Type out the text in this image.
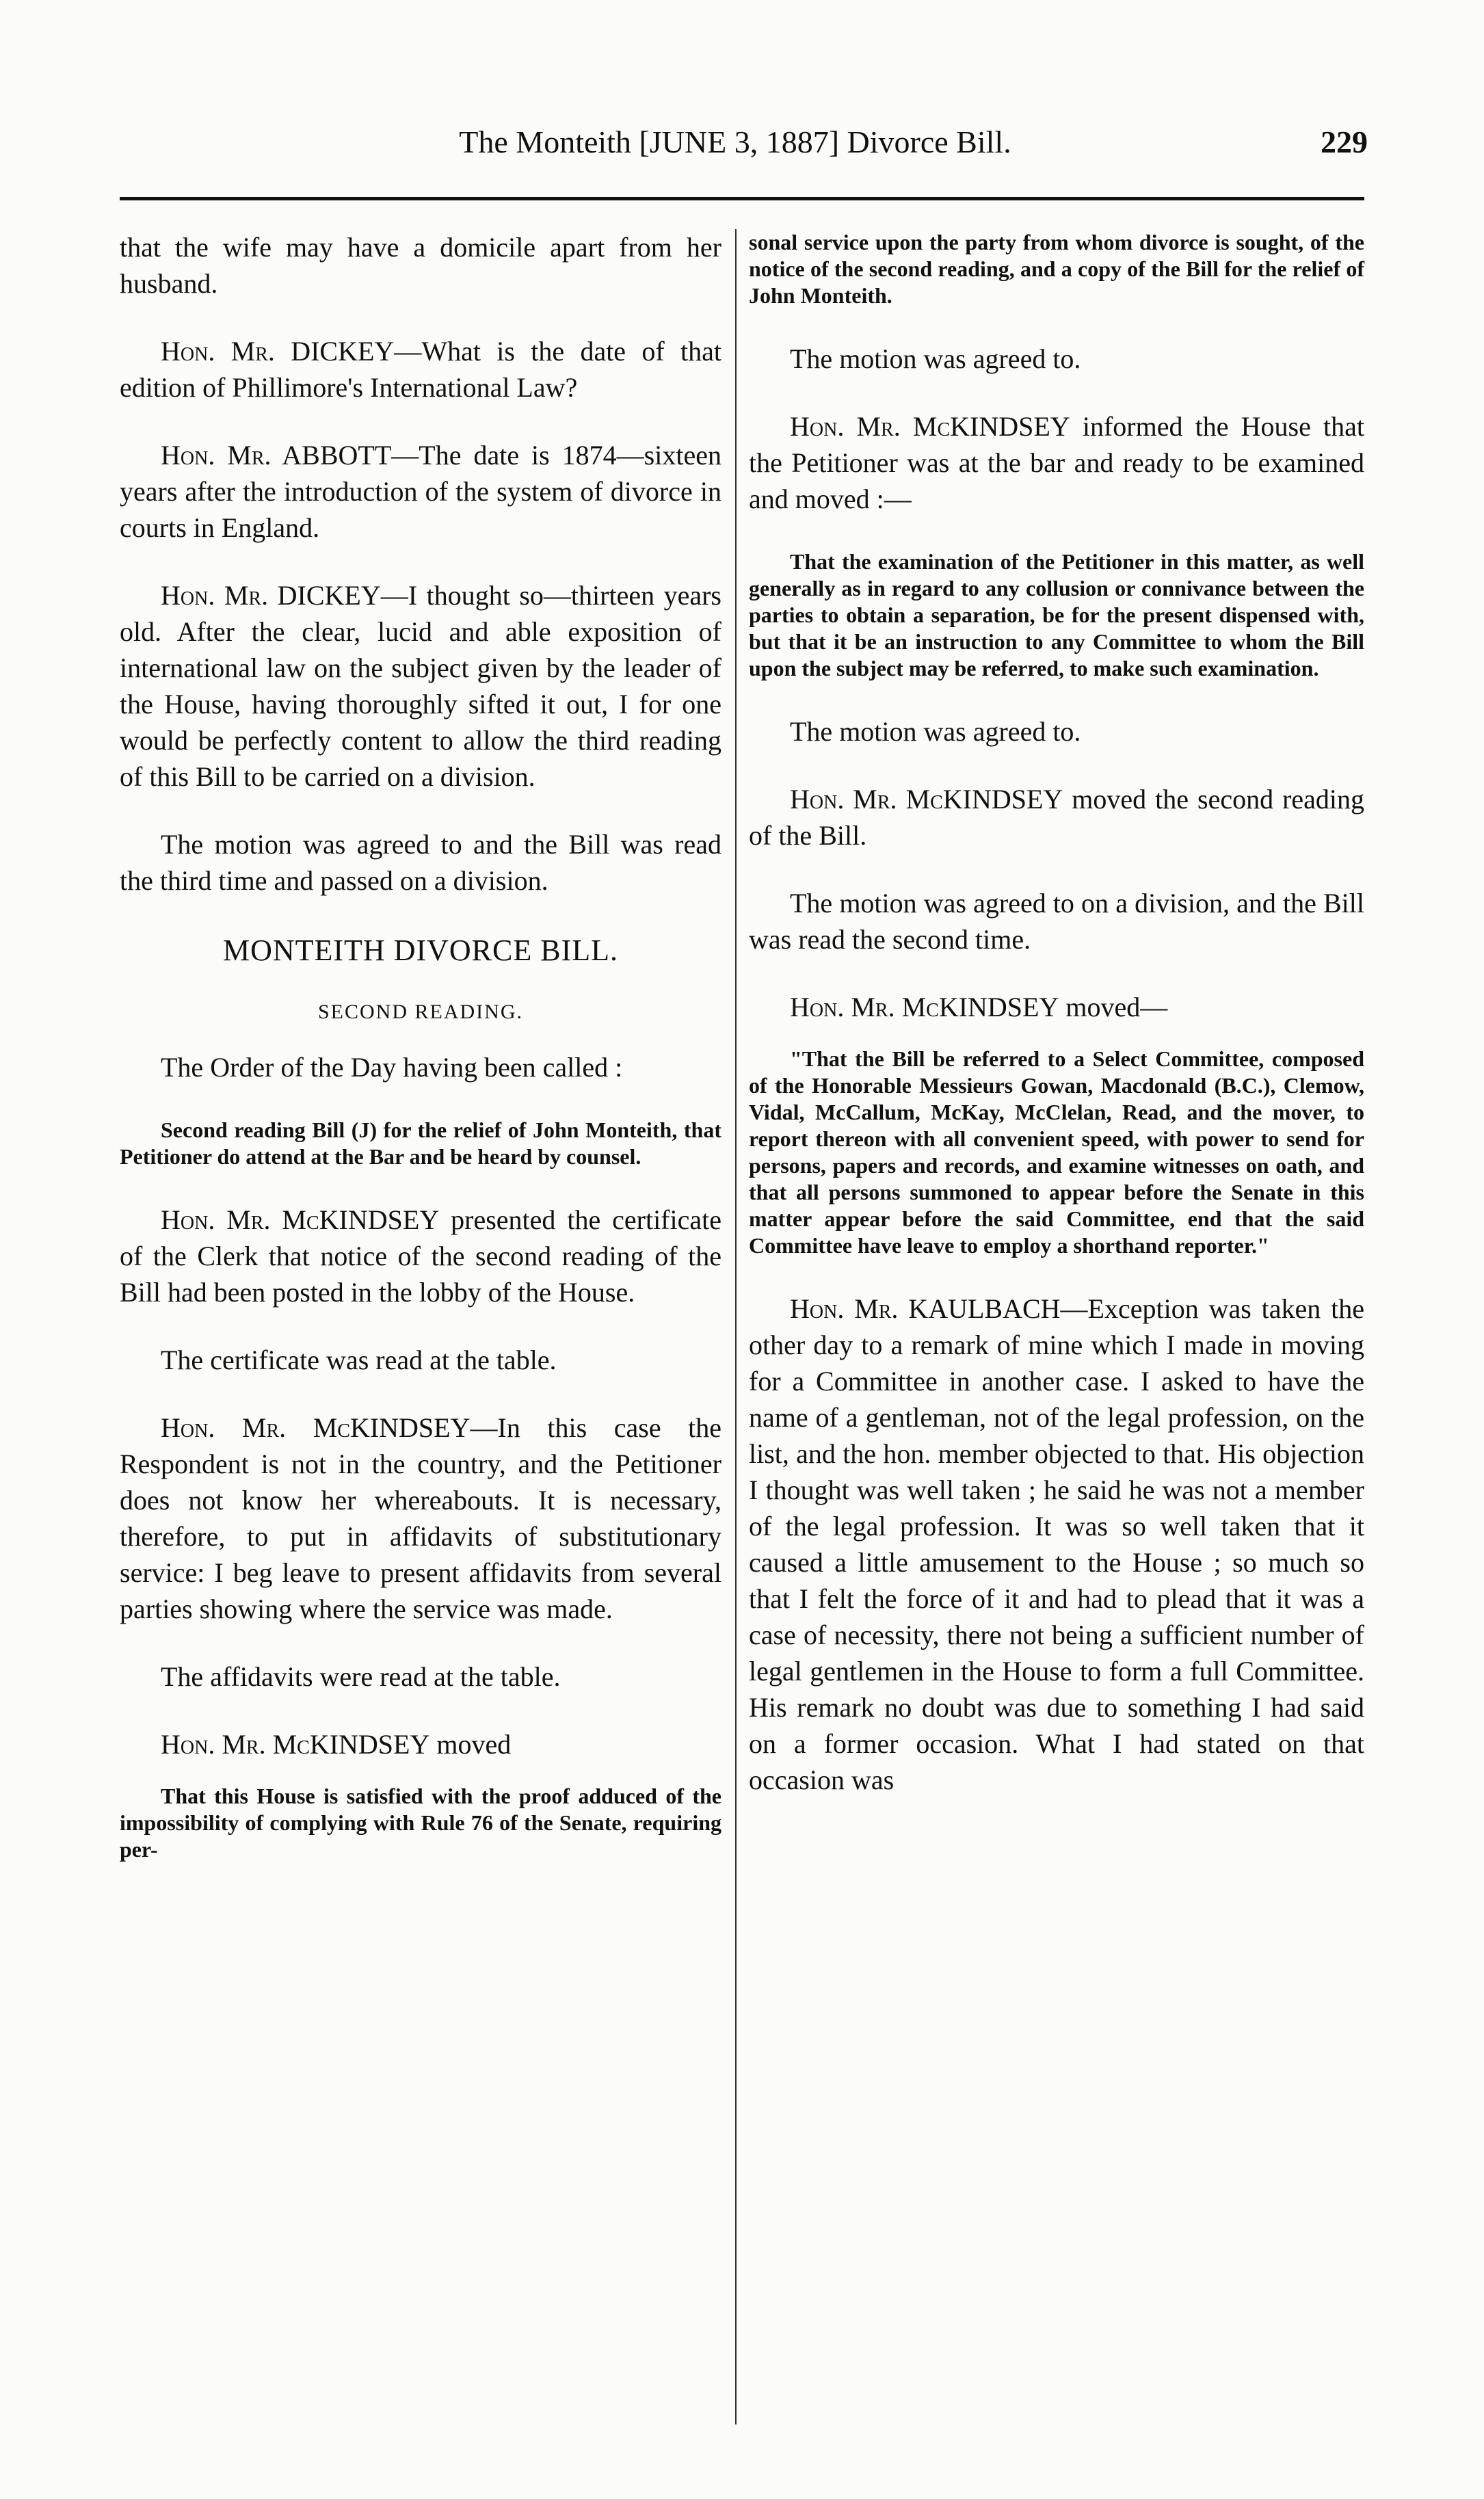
The Monteith [JUNE 3, 1887] Divorce Bill.	229

that the wife may have a domicile apart from her husband.

Hon. Mr. DICKEY—What is the date of that edition of Phillimore's International Law?

Hon. Mr. ABBOTT—The date is 1874—sixteen years after the introduction of the system of divorce in courts in England.

Hon. Mr. DICKEY—I thought so—thirteen years old. After the clear, lucid and able exposition of international law on the subject given by the leader of the House, having thoroughly sifted it out, I for one would be perfectly content to allow the third reading of this Bill to be carried on a division.

The motion was agreed to and the Bill was read the third time and passed on a division.

MONTEITH DIVORCE BILL.
SECOND READING.

The Order of the Day having been called :

Second reading Bill (J) for the relief of John Monteith, that Petitioner do attend at the Bar and be heard by counsel.

Hon. Mr. McKINDSEY presented the certificate of the Clerk that notice of the second reading of the Bill had been posted in the lobby of the House.

The certificate was read at the table.

Hon. Mr. McKINDSEY—In this case the Respondent is not in the country, and the Petitioner does not know her whereabouts. It is necessary, therefore, to put in affidavits of substitutionary service: I beg leave to present affidavits from several parties showing where the service was made.

The affidavits were read at the table.

Hon. Mr. McKINDSEY moved

That this House is satisfied with the proof adduced of the impossibility of complying with Rule 76 of the Senate, requiring per-

sonal service upon the party from whom divorce is sought, of the notice of the second reading, and a copy of the Bill for the relief of John Monteith.

The motion was agreed to.

Hon. Mr. McKINDSEY informed the House that the Petitioner was at the bar and ready to be examined and moved :—

That the examination of the Petitioner in this matter, as well generally as in regard to any collusion or connivance between the parties to obtain a separation, be for the present dispensed with, but that it be an instruction to any Committee to whom the Bill upon the subject may be referred, to make such examination.

The motion was agreed to.

Hon. Mr. McKINDSEY moved the second reading of the Bill.

The motion was agreed to on a division, and the Bill was read the second time.

Hon. Mr. McKINDSEY moved—

"That the Bill be referred to a Select Committee, composed of the Honorable Messieurs Gowan, Macdonald (B.C.), Clemow, Vidal, McCallum, McKay, McClelan, Read, and the mover, to report thereon with all convenient speed, with power to send for persons, papers and records, and examine witnesses on oath, and that all persons summoned to appear before the Senate in this matter appear before the said Committee, end that the said Committee have leave to employ a shorthand reporter."

Hon. Mr. KAULBACH—Exception was taken the other day to a remark of mine which I made in moving for a Committee in another case. I asked to have the name of a gentleman, not of the legal profession, on the list, and the hon. member objected to that. His objection I thought was well taken ; he said he was not a member of the legal profession. It was so well taken that it caused a little amusement to the House ; so much so that I felt the force of it and had to plead that it was a case of necessity, there not being a sufficient number of legal gentlemen in the House to form a full Committee. His remark no doubt was due to something I had said on a former occasion. What I had stated on that occasion was
